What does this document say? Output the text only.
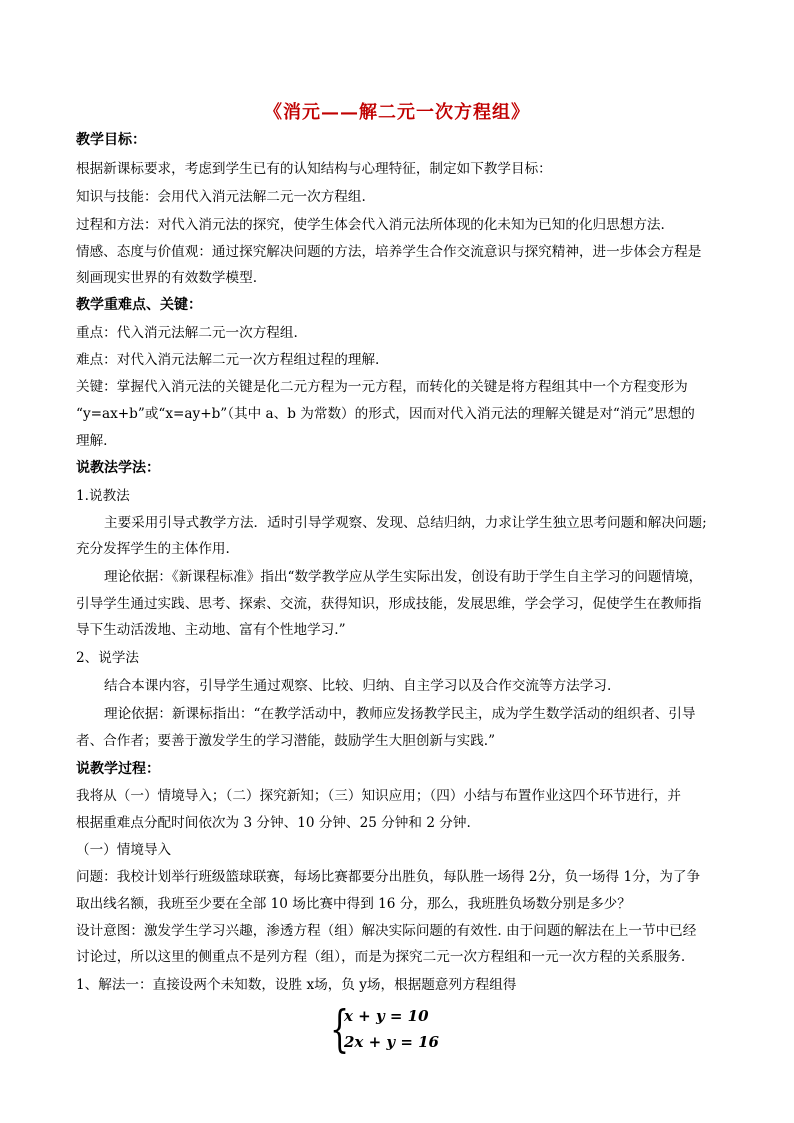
《消元——解二元一次方程组》
教学目标：
根据新课标要求，考虑到学生已有的认知结构与心理特征，制定如下教学目标：
知识与技能：会用代入消元法解二元一次方程组.
过程和方法：对代入消元法的探究，使学生体会代入消元法所体现的化未知为已知的化归思想方法.
情感、态度与价值观：通过探究解决问题的方法，培养学生合作交流意识与探究精神，进一步体会方程是
刻画现实世界的有效数学模型.
教学重难点、关键：
重点：代入消元法解二元一次方程组.
难点：对代入消元法解二元一次方程组过程的理解.
关键：掌握代入消元法的关键是化二元方程为一元方程，而转化的关键是将方程组其中一个方程变形为
“y=ax+b”或“x=ay+b”（其中 a、b 为常数）的形式，因而对代入消元法的理解关键是对“消元”思想的
理解.
说教法学法：
1.说教法
主要采用引导式教学方法．适时引导学观察、发现、总结归纳，力求让学生独立思考问题和解决问题;
充分发挥学生的主体作用.
理论依据：《新课程标准》指出“数学教学应从学生实际出发，创设有助于学生自主学习的问题情境，
引导学生通过实践、思考、探索、交流，获得知识，形成技能，发展思维，学会学习，促使学生在教师指
导下生动活泼地、主动地、富有个性地学习.”
2、说学法
结合本课内容，引导学生通过观察、比较、归纳、自主学习以及合作交流等方法学习.
理论依据：新课标指出：“在教学活动中，教师应发扬教学民主，成为学生数学活动的组织者、引导
者、合作者；要善于激发学生的学习潜能，鼓励学生大胆创新与实践.”
说教学过程：
我将从（一）情境导入；（二）探究新知；（三）知识应用；（四）小结与布置作业这四个环节进行，并
根据重难点分配时间依次为 3 分钟、10 分钟、25 分钟和 2 分钟.
（一）情境导入
问题：我校计划举行班级篮球联赛，每场比赛都要分出胜负，每队胜一场得 2分，负一场得 1分，为了争
取出线名额，我班至少要在全部 10 场比赛中得到 16 分，那么，我班胜负场数分别是多少？
设计意图：激发学生学习兴趣，渗透方程（组）解决实际问题的有效性. 由于问题的解法在上一节中已经
讨论过，所以这里的侧重点不是列方程（组），而是为探究二元一次方程组和一元一次方程的关系服务.
1、解法一：直接设两个未知数，设胜 x场，负 y场，根据题意列方程组得
{
x + y = 10
2x + y = 16
